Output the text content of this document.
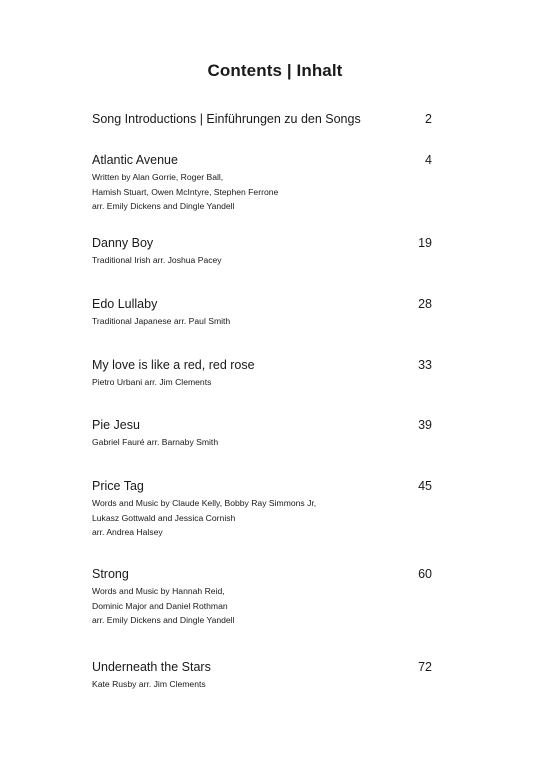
Contents | Inhalt
Song Introductions | Einführungen zu den Songs	2
Atlantic Avenue	4
Written by Alan Gorrie, Roger Ball,
Hamish Stuart, Owen McIntyre, Stephen Ferrone
arr. Emily Dickens and Dingle Yandell
Danny Boy	19
Traditional Irish arr. Joshua Pacey
Edo Lullaby	28
Traditional Japanese arr. Paul Smith
My love is like a red, red rose	33
Pietro Urbani arr. Jim Clements
Pie Jesu	39
Gabriel Fauré arr. Barnaby Smith
Price Tag	45
Words and Music by Claude Kelly, Bobby Ray Simmons Jr,
Lukasz Gottwald and Jessica Cornish
arr. Andrea Halsey
Strong	60
Words and Music by Hannah Reid,
Dominic Major and Daniel Rothman
arr. Emily Dickens and Dingle Yandell
Underneath the Stars	72
Kate Rusby arr. Jim Clements
